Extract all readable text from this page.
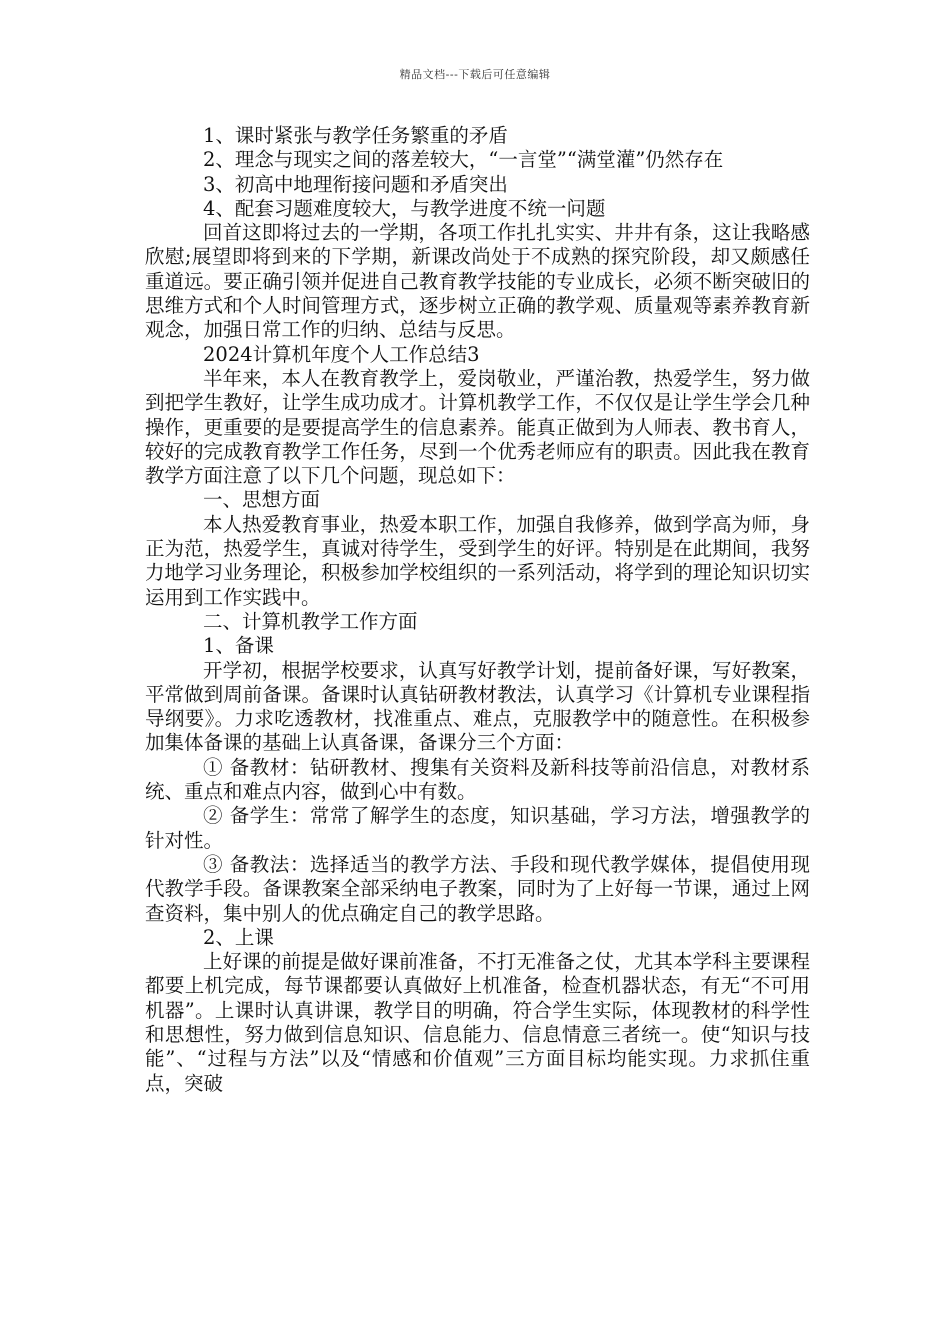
精品文档---下载后可任意编辑

1、课时紧张与教学任务繁重的矛盾

2、理念与现实之间的落差较大，“一言堂”“满堂灌”仍然存在

3、初高中地理衔接问题和矛盾突出

4、配套习题难度较大，与教学进度不统一问题

回首这即将过去的一学期，各项工作扎扎实实、井井有条，这让我略感欣慰;展望即将到来的下学期，新课改尚处于不成熟的探究阶段，却又颇感任重道远。要正确引领并促进自己教育教学技能的专业成长，必须不断突破旧的思维方式和个人时间管理方式，逐步树立正确的教学观、质量观等素养教育新观念，加强日常工作的归纳、总结与反思。

2024计算机年度个人工作总结3

半年来，本人在教育教学上，爱岗敬业，严谨治教，热爱学生，努力做到把学生教好，让学生成功成才。计算机教学工作，不仅仅是让学生学会几种操作，更重要的是要提高学生的信息素养。能真正做到为人师表、教书育人，较好的完成教育教学工作任务，尽到一个优秀老师应有的职责。因此我在教育教学方面注意了以下几个问题，现总如下：

一、思想方面

本人热爱教育事业，热爱本职工作，加强自我修养，做到学高为师，身正为范，热爱学生，真诚对待学生，受到学生的好评。特别是在此期间，我努力地学习业务理论，积极参加学校组织的一系列活动，将学到的理论知识切实运用到工作实践中。

二、计算机教学工作方面

1、备课

开学初，根据学校要求，认真写好教学计划，提前备好课，写好教案，平常做到周前备课。备课时认真钻研教材教法，认真学习《计算机专业课程指导纲要》。力求吃透教材，找准重点、难点，克服教学中的随意性。在积极参加集体备课的基础上认真备课，备课分三个方面：

① 备教材：钻研教材、搜集有关资料及新科技等前沿信息，对教材系统、重点和难点内容，做到心中有数。

② 备学生：常常了解学生的态度，知识基础，学习方法，增强教学的针对性。

③ 备教法：选择适当的教学方法、手段和现代教学媒体，提倡使用现代教学手段。备课教案全部采纳电子教案，同时为了上好每一节课，通过上网查资料，集中别人的优点确定自己的教学思路。

2、上课

上好课的前提是做好课前准备，不打无准备之仗，尤其本学科主要课程都要上机完成，每节课都要认真做好上机准备，检查机器状态，有无“不可用机器”。上课时认真讲课，教学目的明确，符合学生实际，体现教材的科学性和思想性，努力做到信息知识、信息能力、信息情意三者统一。使“知识与技能”、“过程与方法”以及“情感和价值观”三方面目标均能实现。力求抓住重点，突破
